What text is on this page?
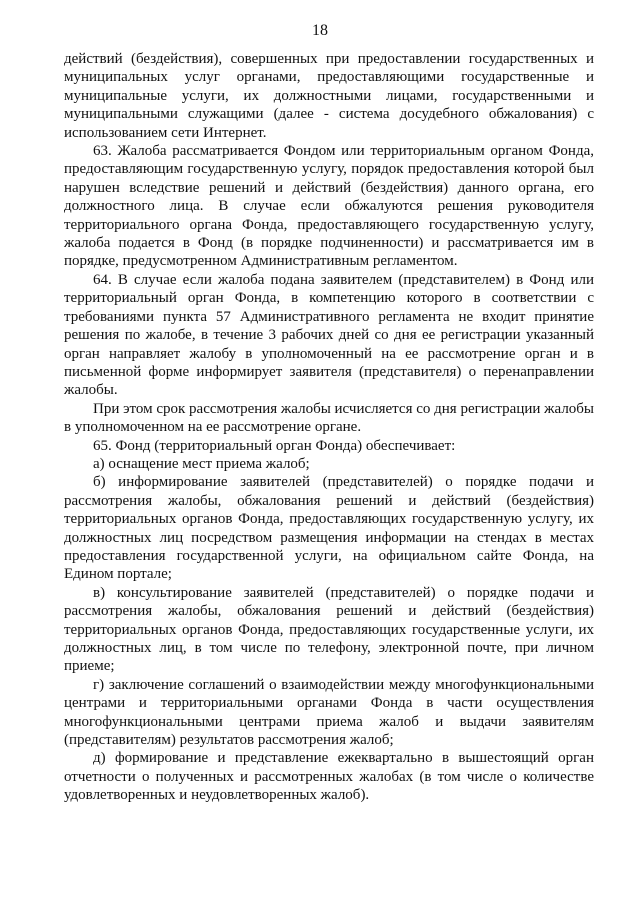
18

действий (бездействия), совершенных при предоставлении государственных и муниципальных услуг органами, предоставляющими государственные и муниципальные услуги, их должностными лицами, государственными и муниципальными служащими (далее - система досудебного обжалования) с использованием сети Интернет.

63. Жалоба рассматривается Фондом или территориальным органом Фонда, предоставляющим государственную услугу, порядок предоставления которой был нарушен вследствие решений и действий (бездействия) данного органа, его должностного лица. В случае если обжалуются решения руководителя территориального органа Фонда, предоставляющего государственную услугу, жалоба подается в Фонд (в порядке подчиненности) и рассматривается им в порядке, предусмотренном Административным регламентом.

64. В случае если жалоба подана заявителем (представителем) в Фонд или территориальный орган Фонда, в компетенцию которого в соответствии с требованиями пункта 57 Административного регламента не входит принятие решения по жалобе, в течение 3 рабочих дней со дня ее регистрации указанный орган направляет жалобу в уполномоченный на ее рассмотрение орган и в письменной форме информирует заявителя (представителя) о перенаправлении жалобы.

При этом срок рассмотрения жалобы исчисляется со дня регистрации жалобы в уполномоченном на ее рассмотрение органе.

65. Фонд (территориальный орган Фонда) обеспечивает:

а) оснащение мест приема жалоб;

б) информирование заявителей (представителей) о порядке подачи и рассмотрения жалобы, обжалования решений и действий (бездействия) территориальных органов Фонда, предоставляющих государственную услугу, их должностных лиц посредством размещения информации на стендах в местах предоставления государственной услуги, на официальном сайте Фонда, на Едином портале;

в) консультирование заявителей (представителей) о порядке подачи и рассмотрения жалобы, обжалования решений и действий (бездействия) территориальных органов Фонда, предоставляющих государственные услуги, их должностных лиц, в том числе по телефону, электронной почте, при личном приеме;

г) заключение соглашений о взаимодействии между многофункциональными центрами и территориальными органами Фонда в части осуществления многофункциональными центрами приема жалоб и выдачи заявителям (представителям) результатов рассмотрения жалоб;

д) формирование и представление ежеквартально в вышестоящий орган отчетности о полученных и рассмотренных жалобах (в том числе о количестве удовлетворенных и неудовлетворенных жалоб).
